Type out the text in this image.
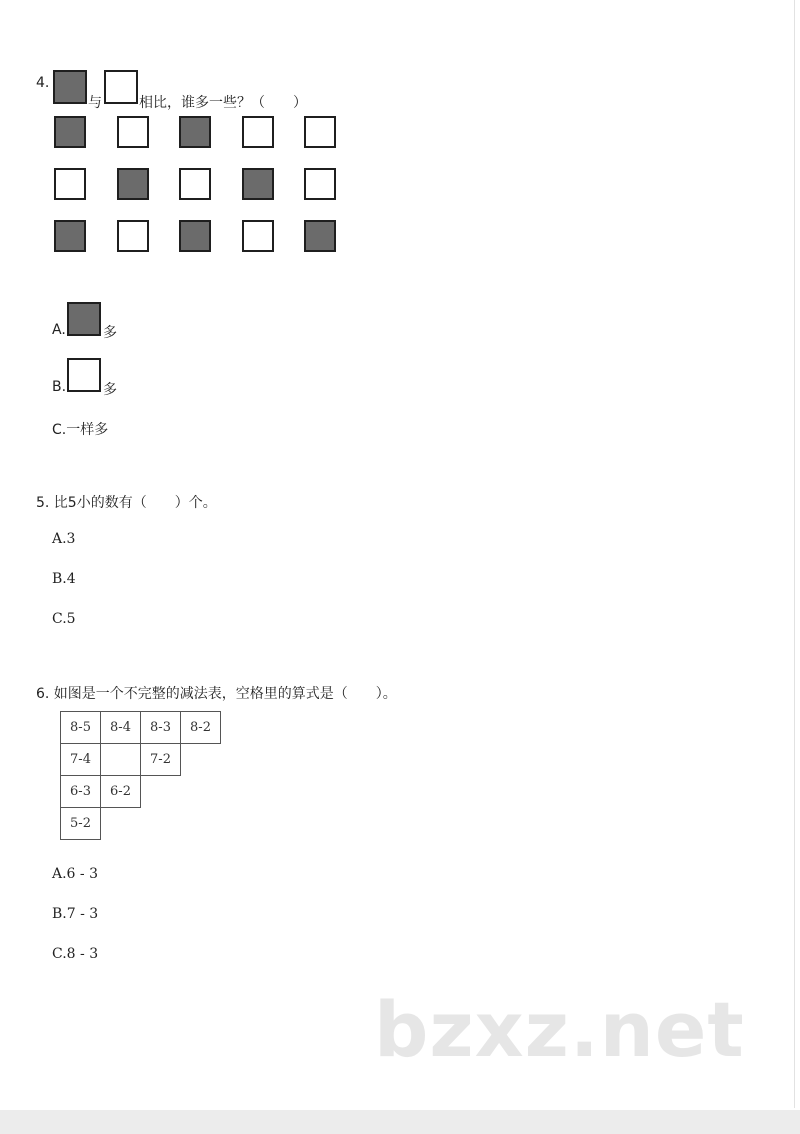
4.
与	相比，谁多一些？（　　）
A.	多
B.	多
C.一样多
5. 比5小的数有（　　）个。
A.3
B.4
C.5
6. 如图是一个不完整的减法表，空格里的算式是（　　）。
8-5	8-4	8-3	8-2
7-4		7-2	
6-3	6-2		
5-2			
A.6 - 3
B.7 - 3
C.8 - 3
bzxz.net
